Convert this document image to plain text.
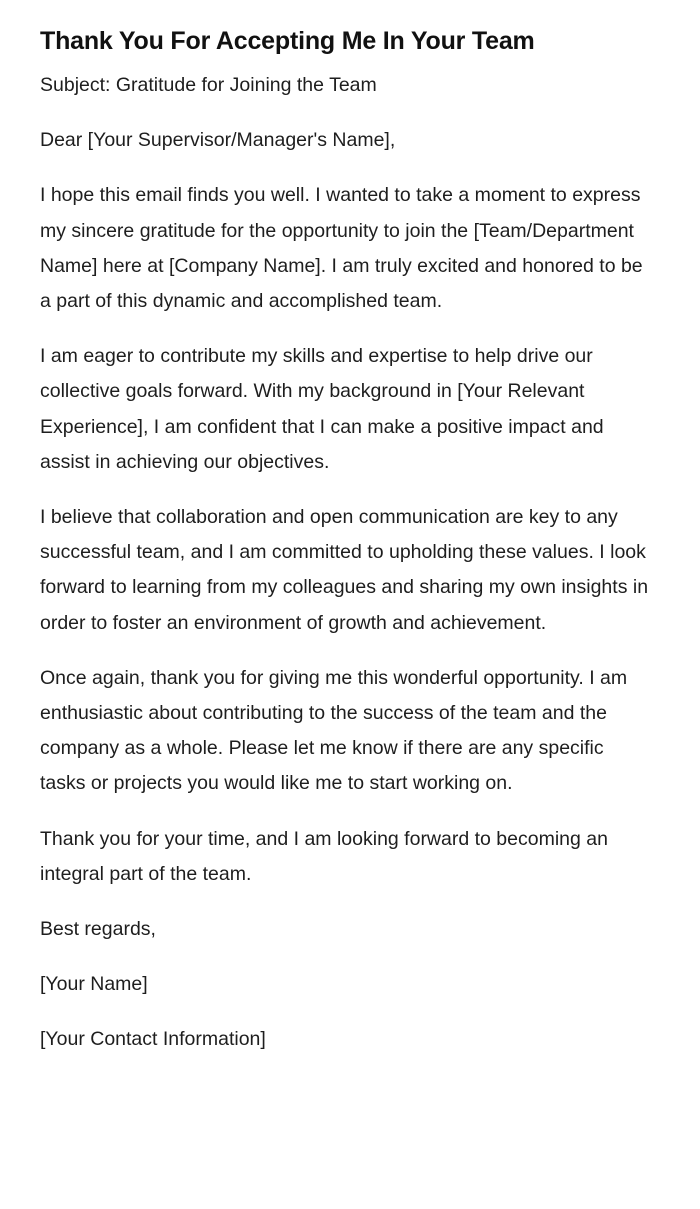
Thank You For Accepting Me In Your Team

Subject: Gratitude for Joining the Team

Dear [Your Supervisor/Manager's Name],

I hope this email finds you well. I wanted to take a moment to express my sincere gratitude for the opportunity to join the [Team/Department Name] here at [Company Name]. I am truly excited and honored to be a part of this dynamic and accomplished team.

I am eager to contribute my skills and expertise to help drive our collective goals forward. With my background in [Your Relevant Experience], I am confident that I can make a positive impact and assist in achieving our objectives.

I believe that collaboration and open communication are key to any successful team, and I am committed to upholding these values. I look forward to learning from my colleagues and sharing my own insights in order to foster an environment of growth and achievement.

Once again, thank you for giving me this wonderful opportunity. I am enthusiastic about contributing to the success of the team and the company as a whole. Please let me know if there are any specific tasks or projects you would like me to start working on.

Thank you for your time, and I am looking forward to becoming an integral part of the team.

Best regards,

[Your Name]

[Your Contact Information]
